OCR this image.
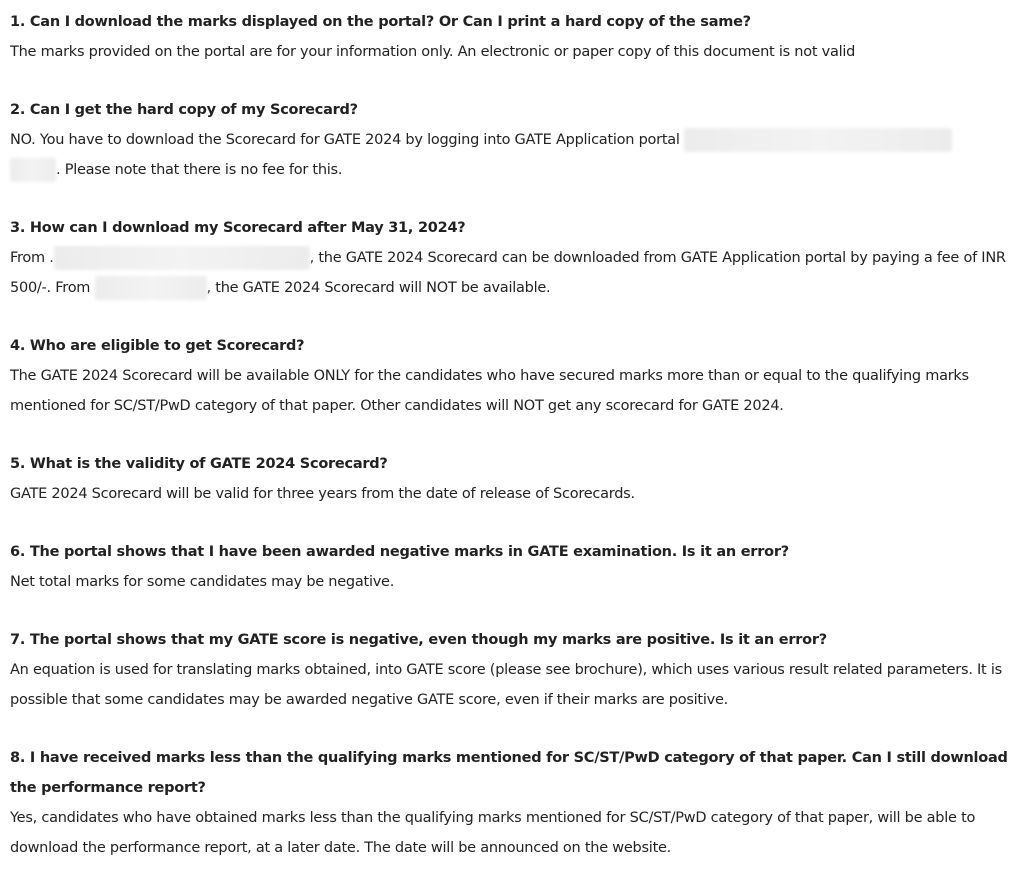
1. Can I download the marks displayed on the portal? Or Can I print a hard copy of the same?

The marks provided on the portal are for your information only. An electronic or paper copy of this document is not valid

2. Can I get the hard copy of my Scorecard?

NO. You have to download the Scorecard for GATE 2024 by logging into GATE Application portal
. Please note that there is no fee for this.

3. How can I download my Scorecard after May 31, 2024?

From .	, the GATE 2024 Scorecard can be downloaded from GATE Application portal by paying a fee of INR 500/-. From	, the GATE 2024 Scorecard will NOT be available.

4. Who are eligible to get Scorecard?

The GATE 2024 Scorecard will be available ONLY for the candidates who have secured marks more than or equal to the qualifying marks mentioned for SC/ST/PwD category of that paper. Other candidates will NOT get any scorecard for GATE 2024.

5. What is the validity of GATE 2024 Scorecard?

GATE 2024 Scorecard will be valid for three years from the date of release of Scorecards.

6. The portal shows that I have been awarded negative marks in GATE examination. Is it an error?

Net total marks for some candidates may be negative.

7. The portal shows that my GATE score is negative, even though my marks are positive. Is it an error?

An equation is used for translating marks obtained, into GATE score (please see brochure), which uses various result related parameters. It is possible that some candidates may be awarded negative GATE score, even if their marks are positive.

8. I have received marks less than the qualifying marks mentioned for SC/ST/PwD category of that paper. Can I still download the performance report?

Yes, candidates who have obtained marks less than the qualifying marks mentioned for SC/ST/PwD category of that paper, will be able to download the performance report, at a later date. The date will be announced on the website.
